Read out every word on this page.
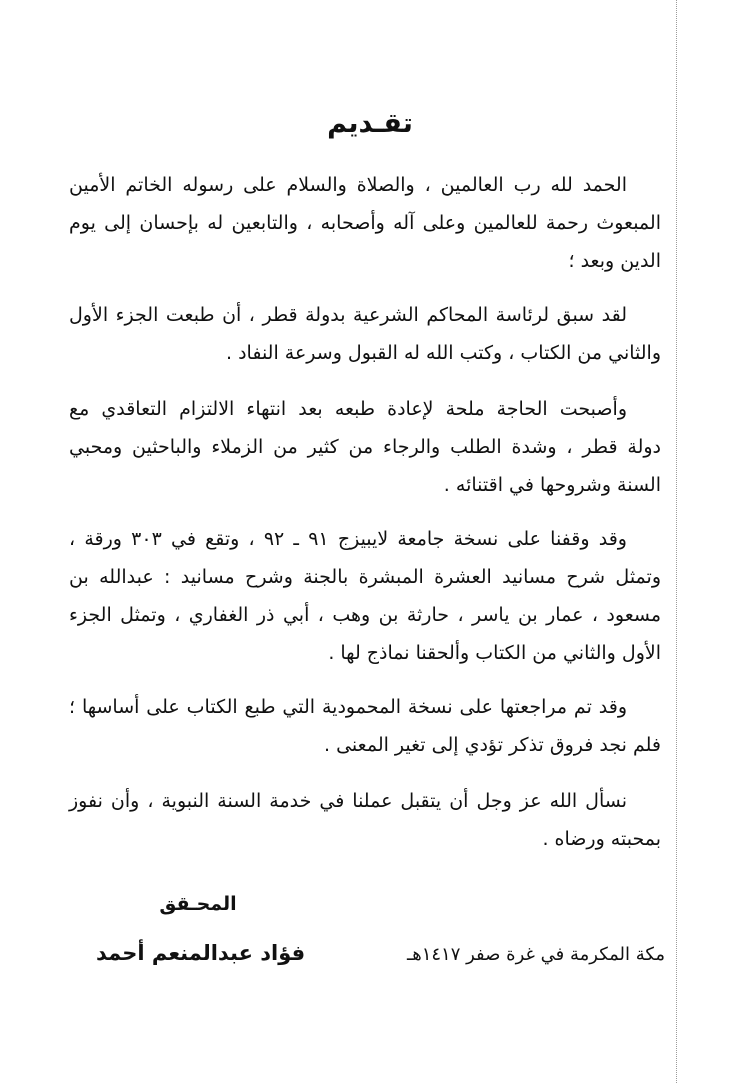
تقـديم
الحمد لله رب العالمين ، والصلاة والسلام على رسوله الخاتم الأمين
المبعوث رحمة للعالمين وعلى آله وأصحابه ، والتابعين له بإحسان إلى يوم
الدين وبعد ؛
لقد سبق لرئاسة المحاكم الشرعية بدولة قطر ، أن طبعت الجزء الأول
والثاني من الكتاب ، وكتب الله له القبول وسرعة النفاد .
وأصبحت الحاجة ملحة لإعادة طبعه بعد انتهاء الالتزام التعاقدي مع
دولة قطر ، وشدة الطلب والرجاء من كثير من الزملاء والباحثين ومحبي
السنة وشروحها في اقتنائه .
وقد وقفنا على نسخة جامعة لايبيزج ٩١ ـ ٩٢ ، وتقع في ٣٠٣ ورقة ،
وتمثل شرح مسانيد العشرة المبشرة بالجنة وشرح مسانيد : عبدالله بن
مسعود ، عمار بن ياسر ، حارثة بن وهب ، أبي ذر الغفاري ، وتمثل الجزء
الأول والثاني من الكتاب وألحقنا نماذج لها .
وقد تم مراجعتها على نسخة المحمودية التي طبع الكتاب على أساسها ؛
فلم نجد فروق تذكر تؤدي إلى تغير المعنى .
نسأل الله عز وجل أن يتقبل عملنا في خدمة السنة النبوية ، وأن نفوز
بمحبته ورضاه .
المحـقق
فؤاد عبدالمنعم أحمد	مكة المكرمة في غرة صفر ١٤١٧هـ
